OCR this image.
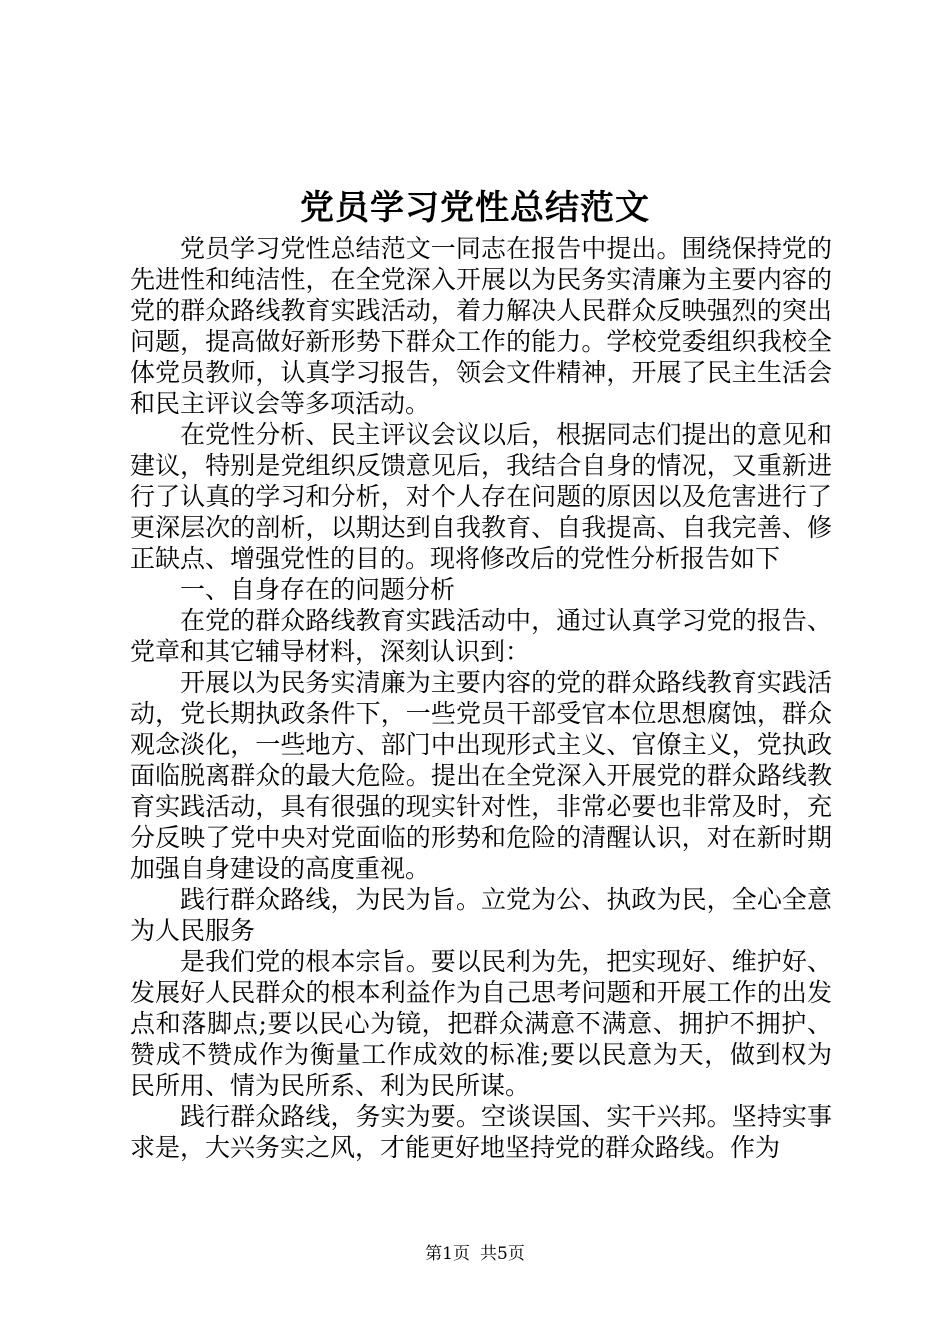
党员学习党性总结范文

党员学习党性总结范文一同志在报告中提出。围绕保持党的先进性和纯洁性，在全党深入开展以为民务实清廉为主要内容的党的群众路线教育实践活动，着力解决人民群众反映强烈的突出问题，提高做好新形势下群众工作的能力。学校党委组织我校全体党员教师，认真学习报告，领会文件精神，开展了民主生活会和民主评议会等多项活动。

在党性分析、民主评议会议以后，根据同志们提出的意见和建议，特别是党组织反馈意见后，我结合自身的情况，又重新进行了认真的学习和分析，对个人存在问题的原因以及危害进行了更深层次的剖析，以期达到自我教育、自我提高、自我完善、修正缺点、增强党性的目的。现将修改后的党性分析报告如下

一、自身存在的问题分析

在党的群众路线教育实践活动中，通过认真学习党的报告、党章和其它辅导材料，深刻认识到：

开展以为民务实清廉为主要内容的党的群众路线教育实践活动，党长期执政条件下，一些党员干部受官本位思想腐蚀，群众观念淡化，一些地方、部门中出现形式主义、官僚主义，党执政面临脱离群众的最大危险。提出在全党深入开展党的群众路线教育实践活动，具有很强的现实针对性，非常必要也非常及时，充分反映了党中央对党面临的形势和危险的清醒认识，对在新时期加强自身建设的高度重视。

践行群众路线，为民为旨。立党为公、执政为民，全心全意为人民服务

是我们党的根本宗旨。要以民利为先，把实现好、维护好、发展好人民群众的根本利益作为自己思考问题和开展工作的出发点和落脚点;要以民心为镜，把群众满意不满意、拥护不拥护、赞成不赞成作为衡量工作成效的标准;要以民意为天，做到权为民所用、情为民所系、利为民所谋。

践行群众路线，务实为要。空谈误国、实干兴邦。坚持实事求是，大兴务实之风，才能更好地坚持党的群众路线。作为

第1页 共5页
